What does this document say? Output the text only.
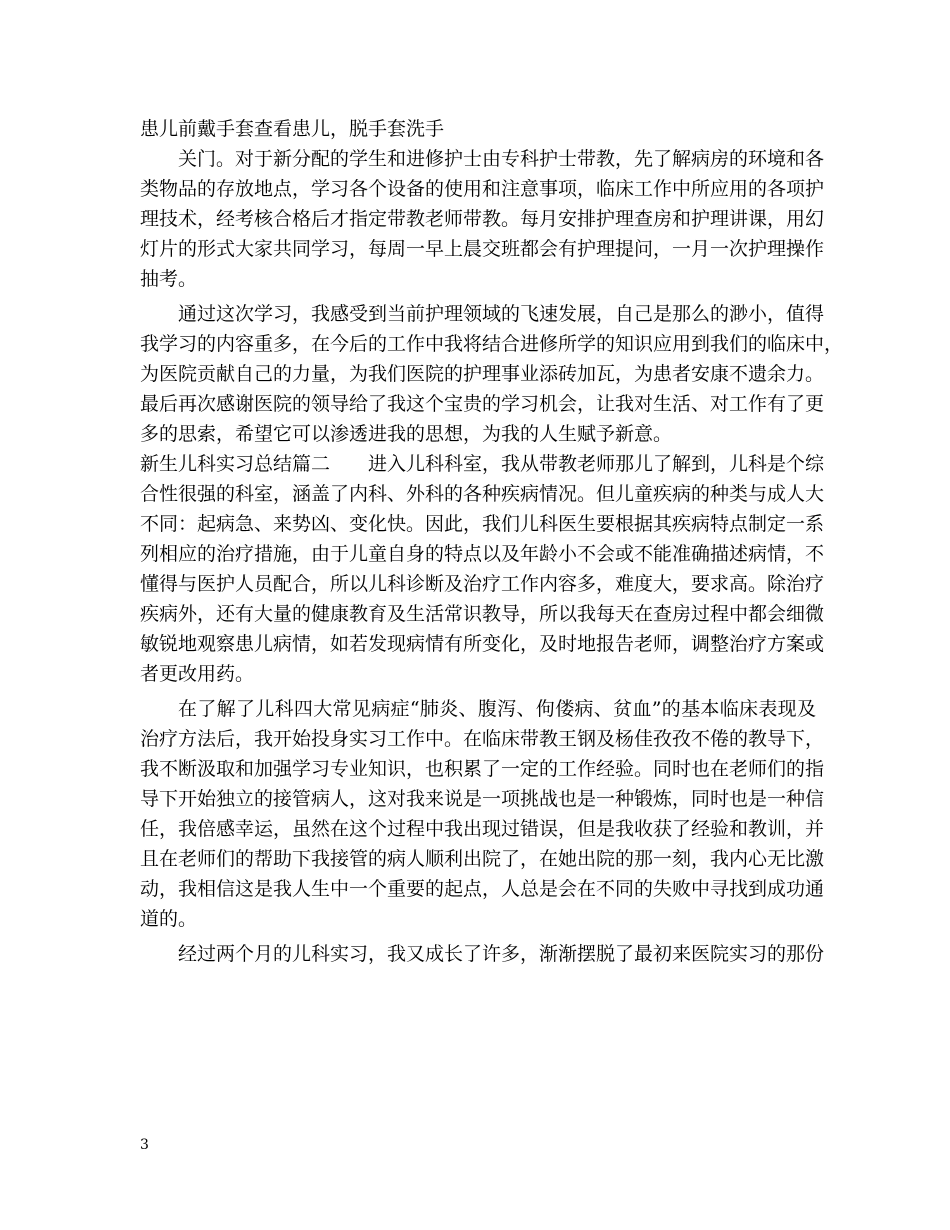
患儿前戴手套查看患儿，脱手套洗手
关门。对于新分配的学生和进修护士由专科护士带教，先了解病房的环境和各
类物品的存放地点，学习各个设备的使用和注意事项，临床工作中所应用的各项护
理技术，经考核合格后才指定带教老师带教。每月安排护理查房和护理讲课，用幻
灯片的形式大家共同学习，每周一早上晨交班都会有护理提问，一月一次护理操作
抽考。
通过这次学习，我感受到当前护理领域的飞速发展，自己是那么的渺小，值得
我学习的内容重多，在今后的工作中我将结合进修所学的知识应用到我们的临床中，
为医院贡献自己的力量，为我们医院的护理事业添砖加瓦，为患者安康不遗余力。
最后再次感谢医院的领导给了我这个宝贵的学习机会，让我对生活、对工作有了更
多的思索，希望它可以渗透进我的思想，为我的人生赋予新意。
新生儿科实习总结篇二　　进入儿科科室，我从带教老师那儿了解到，儿科是个综
合性很强的科室，涵盖了内科、外科的各种疾病情况。但儿童疾病的种类与成人大
不同：起病急、来势凶、变化快。因此，我们儿科医生要根据其疾病特点制定一系
列相应的治疗措施，由于儿童自身的特点以及年龄小不会或不能准确描述病情，不
懂得与医护人员配合，所以儿科诊断及治疗工作内容多，难度大，要求高。除治疗
疾病外，还有大量的健康教育及生活常识教导，所以我每天在查房过程中都会细微
敏锐地观察患儿病情，如若发现病情有所变化，及时地报告老师，调整治疗方案或
者更改用药。
在了解了儿科四大常见病症“肺炎、腹泻、佝偻病、贫血”的基本临床表现及
治疗方法后，我开始投身实习工作中。在临床带教王钢及杨佳孜孜不倦的教导下，
我不断汲取和加强学习专业知识，也积累了一定的工作经验。同时也在老师们的指
导下开始独立的接管病人，这对我来说是一项挑战也是一种锻炼，同时也是一种信
任，我倍感幸运，虽然在这个过程中我出现过错误，但是我收获了经验和教训，并
且在老师们的帮助下我接管的病人顺利出院了，在她出院的那一刻，我内心无比激
动，我相信这是我人生中一个重要的起点，人总是会在不同的失败中寻找到成功通
道的。
经过两个月的儿科实习，我又成长了许多，渐渐摆脱了最初来医院实习的那份
3
